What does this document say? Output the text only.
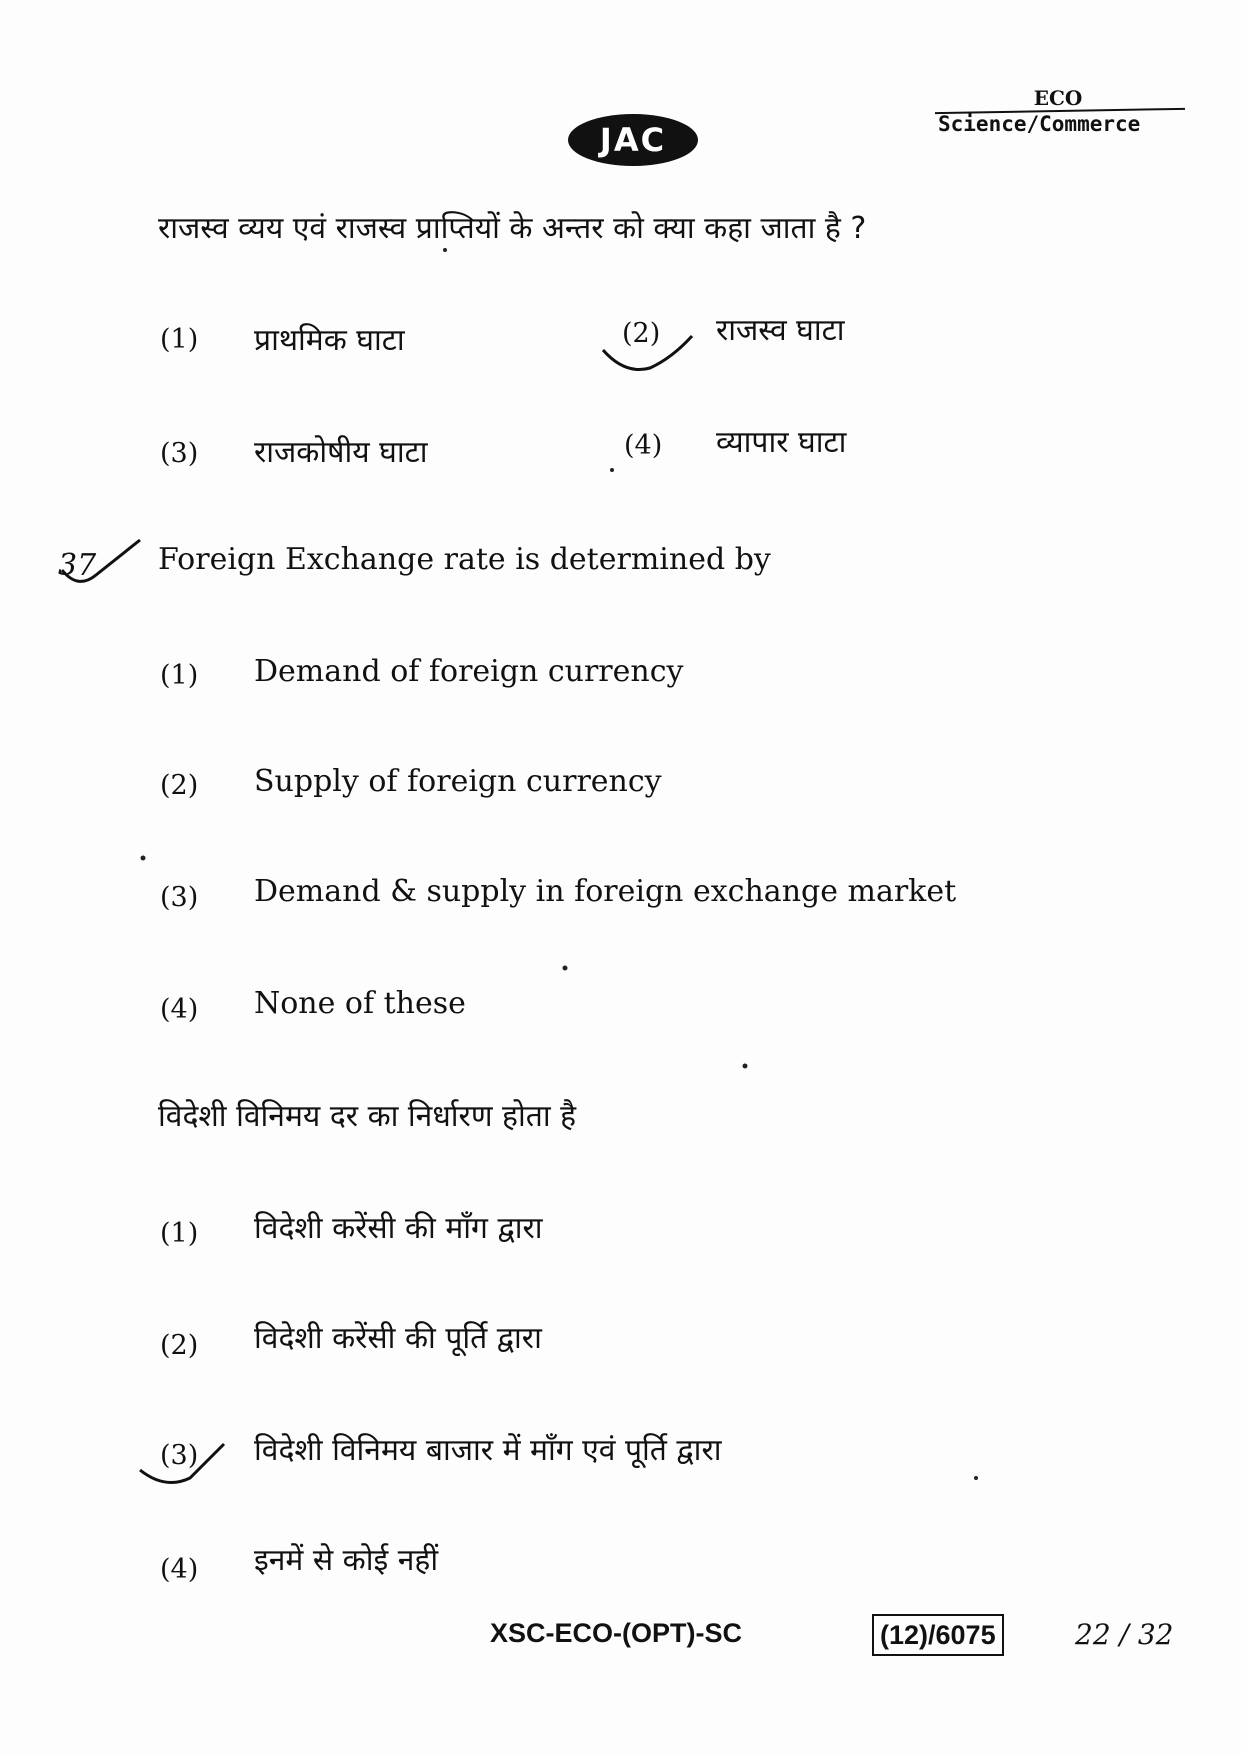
JAC
ECO
Science/Commerce
राजस्व व्यय एवं राजस्व प्राप्तियों के अन्तर को क्या कहा जाता है ?
(1) प्राथमिक घाटा	(2) राजस्व घाटा
(3) राजकोषीय घाटा	(4) व्यापार घाटा
37 Foreign Exchange rate is determined by
(1) Demand of foreign currency
(2) Supply of foreign currency
(3) Demand & supply in foreign exchange market
(4) None of these
विदेशी विनिमय दर का निर्धारण होता है
(1) विदेशी करेंसी की माँग द्वारा
(2) विदेशी करेंसी की पूर्ति द्वारा
(3) विदेशी विनिमय बाजार में माँग एवं पूर्ति द्वारा
(4) इनमें से कोई नहीं
XSC-ECO-(OPT)-SC	(12)/6075	22 / 32
